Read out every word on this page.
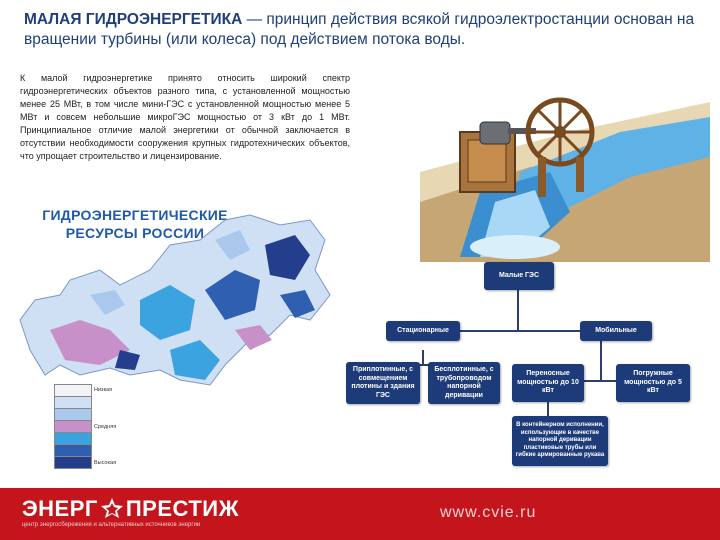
МАЛАЯ ГИДРОЭНЕРГЕТИКА — принцип действия всякой гидроэлектростанции основан на вращении турбины (или колеса) под действием потока воды.
К малой гидроэнергетике принято относить широкий спектр гидроэнергетических объектов разного типа, с установленной мощностью менее 25 МВт, в том числе мини-ГЭС с установленной мощностью менее 5 МВт и совсем небольшие микроГЭС мощностью от 3 кВт до 1 МВт. Принципиальное отличие малой энергетики от обычной заключается в отсутствии необходимости сооружения крупных гидротехнических объектов, что упрощает строительство и лицензирование.
ГИДРОЭНЕРГЕТИЧЕСКИЕ РЕСУРСЫ РОССИИ
Низкая
Средняя
Высокая
Малые ГЭС
Стационарные	Мобильные
Приплотинные, с совмещением плотины и здания ГЭС
Бесплотинные, с трубопроводом напорной деривации
Переносные мощностью до 10 кВт
Погружные мощностью до 5 кВт
В контейнерном исполнении, использующие в качестве напорной деривации пластиковые трубы или гибкие армированные рукава
ЭНЕРГ ПРЕСТИЖ
центр энергосбережения и альтернативных источников энергии
www.cvie.ru
